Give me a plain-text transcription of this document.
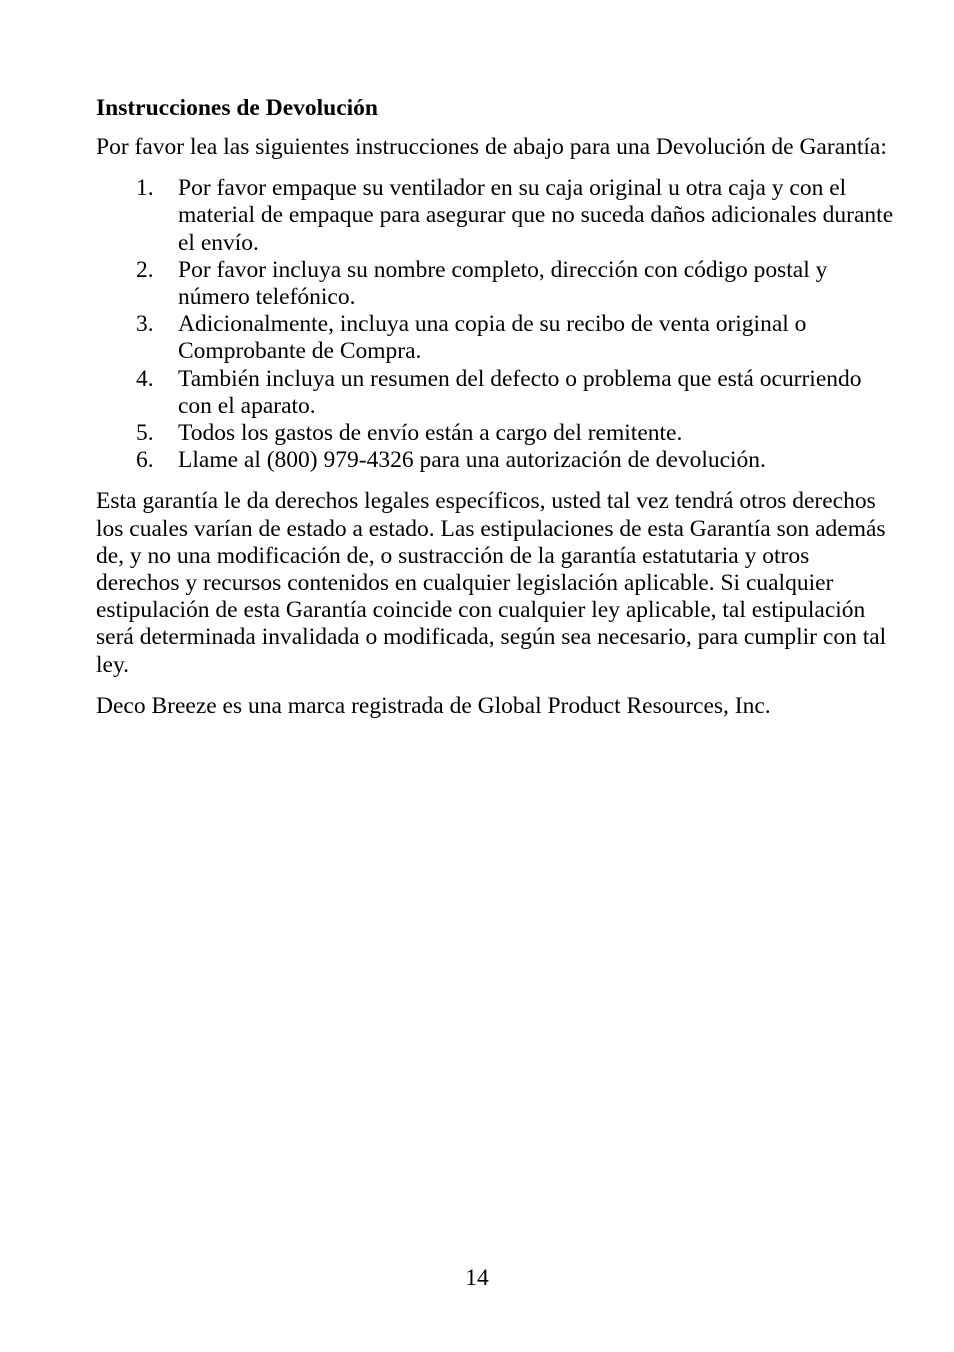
Instrucciones de Devolución

Por favor lea las siguientes instrucciones de abajo para una Devolución de Garantía:

1. Por favor empaque su ventilador en su caja original u otra caja y con el material de empaque para asegurar que no suceda daños adicionales durante el envío.
2. Por favor incluya su nombre completo, dirección con código postal y número telefónico.
3. Adicionalmente, incluya una copia de su recibo de venta original o Comprobante de Compra.
4. También incluya un resumen del defecto o problema que está ocurriendo con el aparato.
5. Todos los gastos de envío están a cargo del remitente.
6. Llame al (800) 979-4326 para una autorización de devolución.

Esta garantía le da derechos legales específicos, usted tal vez tendrá otros derechos los cuales varían de estado a estado. Las estipulaciones de esta Garantía son además de, y no una modificación de, o sustracción de la garantía estatutaria y otros derechos y recursos contenidos en cualquier legislación aplicable. Si cualquier estipulación de esta Garantía coincide con cualquier ley aplicable, tal estipulación será determinada invalidada o modificada, según sea necesario, para cumplir con tal ley.

Deco Breeze es una marca registrada de Global Product Resources, Inc.

14
